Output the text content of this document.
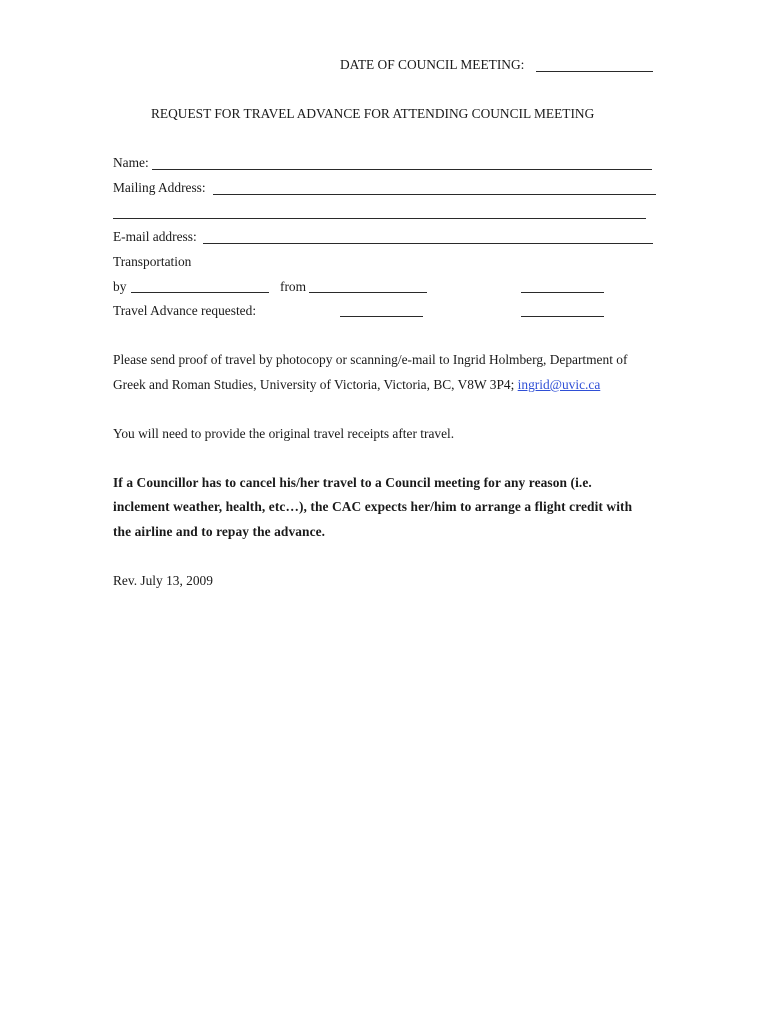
DATE OF COUNCIL MEETING:
REQUEST FOR TRAVEL ADVANCE FOR ATTENDING COUNCIL MEETING
Name:
Mailing Address:
E-mail address:
Transportation
by	from
Travel Advance requested:
Please send proof of travel by photocopy or scanning/e-mail to Ingrid Holmberg, Department of
Greek and Roman Studies, University of Victoria, Victoria, BC, V8W 3P4; ingrid@uvic.ca
You will need to provide the original travel receipts after travel.
If a Councillor has to cancel his/her travel to a Council meeting for any reason (i.e.
inclement weather, health, etc…), the CAC expects her/him to arrange a flight credit with
the airline and to repay the advance.
Rev. July 13, 2009
